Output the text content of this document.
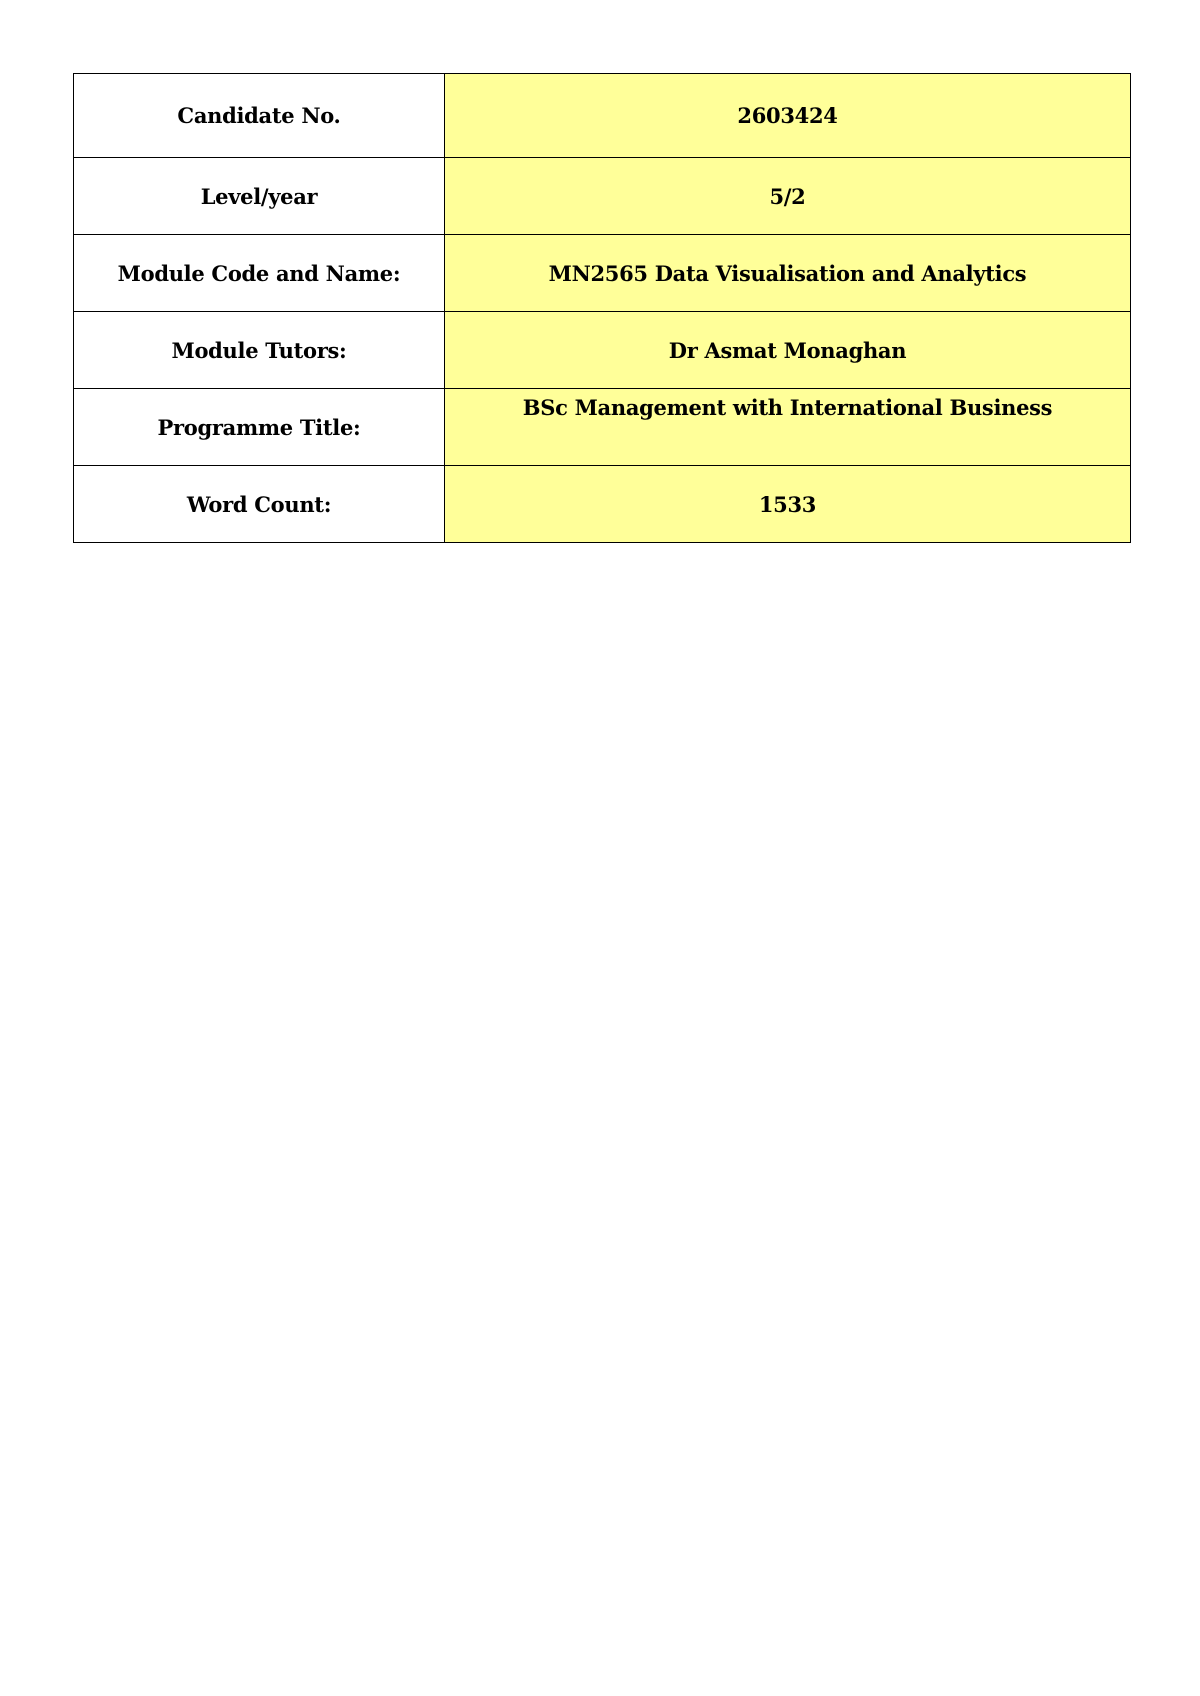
Candidate No.	2603424
Level/year	5/2
Module Code and Name:	MN2565 Data Visualisation and Analytics
Module Tutors:	Dr Asmat Monaghan
Programme Title:	BSc Management with International Business
Word Count:	1533
